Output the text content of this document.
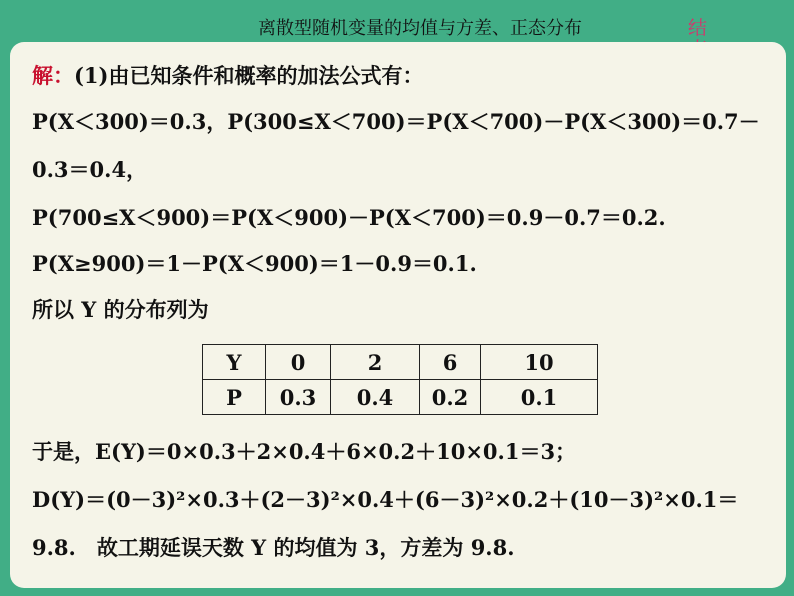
离散型随机变量的均值与方差、正态分布	结
解：(1)由已知条件和概率的加法公式有：
P(X＜300)＝0.3，P(300≤X＜700)＝P(X＜700)－P(X＜300)＝0.7－
0.3＝0.4，
P(700≤X＜900)＝P(X＜900)－P(X＜700)＝0.9－0.7＝0.2.
P(X≥900)＝1－P(X＜900)＝1－0.9＝0.1.
所以 Y 的分布列为
Y	0	2	6	10
P	0.3	0.4	0.2	0.1
于是，E(Y)＝0×0.3＋2×0.4＋6×0.2＋10×0.1＝3；
D(Y)＝(0－3)²×0.3＋(2－3)²×0.4＋(6－3)²×0.2＋(10－3)²×0.1＝
9.8.　故工期延误天数 Y 的均值为 3，方差为 9.8.
